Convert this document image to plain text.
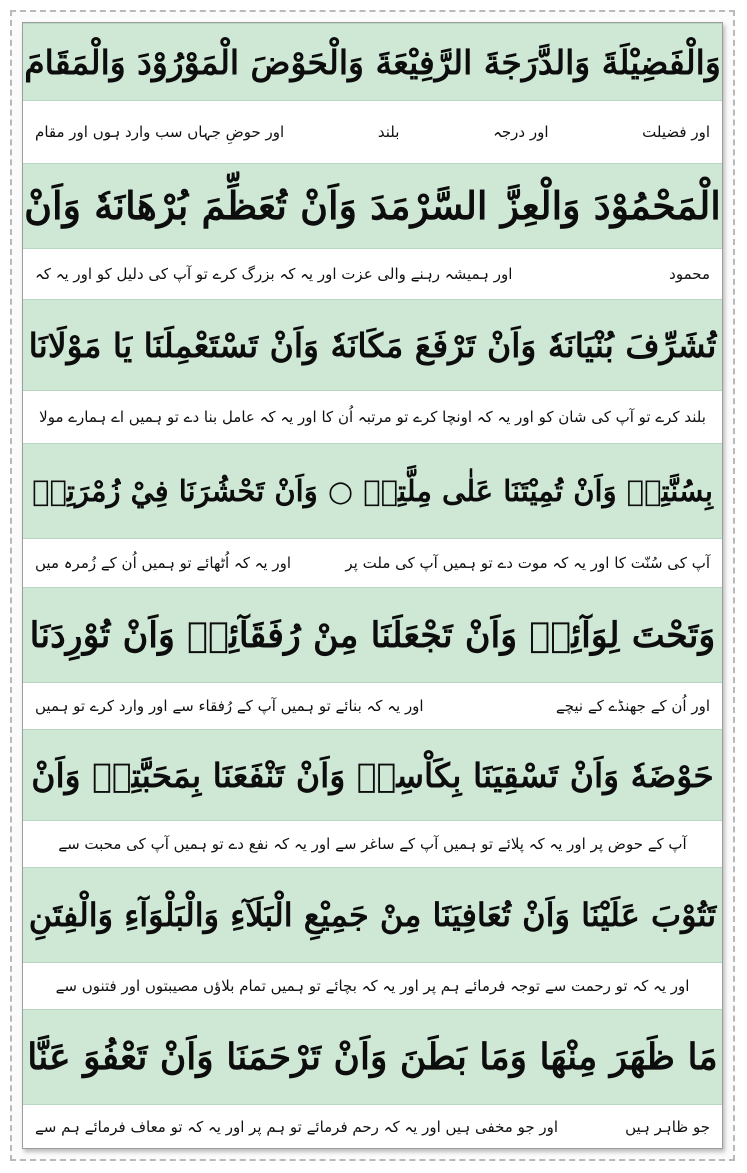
وَالْفَضِيْلَةَ وَالدَّرَجَةَ الرَّفِيْعَةَ وَالْحَوْضَ الْمَوْرُوْدَ وَالْمَقَامَ
اور فضیلت
اور درجہ
بلند
اور حوضِ جہاں سب وارد ہوں اور مقام
الْمَحْمُوْدَ وَالْعِزَّ السَّرْمَدَ وَاَنْ تُعَظِّمَ بُرْهَانَهٗ وَاَنْ
محمود
اور ہمیشہ رہنے والی عزت اور یہ کہ بزرگ کرے تو آپ کی دلیل کو اور یہ کہ
تُشَرِّفَ بُنْيَانَهٗ وَاَنْ تَرْفَعَ مَكَانَهٗ وَاَنْ تَسْتَعْمِلَنَا يَا مَوْلَانَا
بلند کرے تو آپ کی شان کو اور یہ کہ اونچا کرے تو مرتبہ اُن کا اور یہ کہ عامل بنا دے تو ہمیں اے ہمارے مولا
بِسُنَّتِهٖ وَاَنْ تُمِيْتَنَا عَلٰى مِلَّتِهٖ ○ وَاَنْ تَحْشُرَنَا فِيْ زُمْرَتِهٖ
آپ کی سُنّت کا اور یہ کہ موت دے تو ہمیں آپ کی ملت پر
اور یہ کہ اُٹھائے تو ہمیں اُن کے زُمرہ میں
وَتَحْتَ لِوَآئِهٖ وَاَنْ تَجْعَلَنَا مِنْ رُفَقَآئِهٖ وَاَنْ تُوْرِدَنَا
اور اُن کے جھنڈے کے نیچے
اور یہ کہ بنائے تو ہمیں آپ کے رُفقاء سے اور وارد کرے تو ہمیں
حَوْضَهٗ وَاَنْ تَسْقِيَنَا بِكَاْسِهٖ وَاَنْ تَنْفَعَنَا بِمَحَبَّتِهٖ وَاَنْ
آپ کے حوض پر اور یہ کہ پلائے تو ہمیں آپ کے ساغر سے اور یہ کہ نفع دے تو ہمیں آپ کی محبت سے
تَتُوْبَ عَلَيْنَا وَاَنْ تُعَافِيَنَا مِنْ جَمِيْعِ الْبَلَآءِ وَالْبَلْوَآءِ وَالْفِتَنِ
اور یہ کہ تو رحمت سے توجہ فرمائے ہم پر اور یہ کہ بچائے تو ہمیں تمام بلاؤں مصیبتوں اور فتنوں سے
مَا ظَهَرَ مِنْهَا وَمَا بَطَنَ وَاَنْ تَرْحَمَنَا وَاَنْ تَعْفُوَ عَنَّا
جو ظاہر ہیں
اور جو مخفی ہیں اور یہ کہ رحم فرمائے تو ہم پر اور یہ کہ تو معاف فرمائے ہم سے
